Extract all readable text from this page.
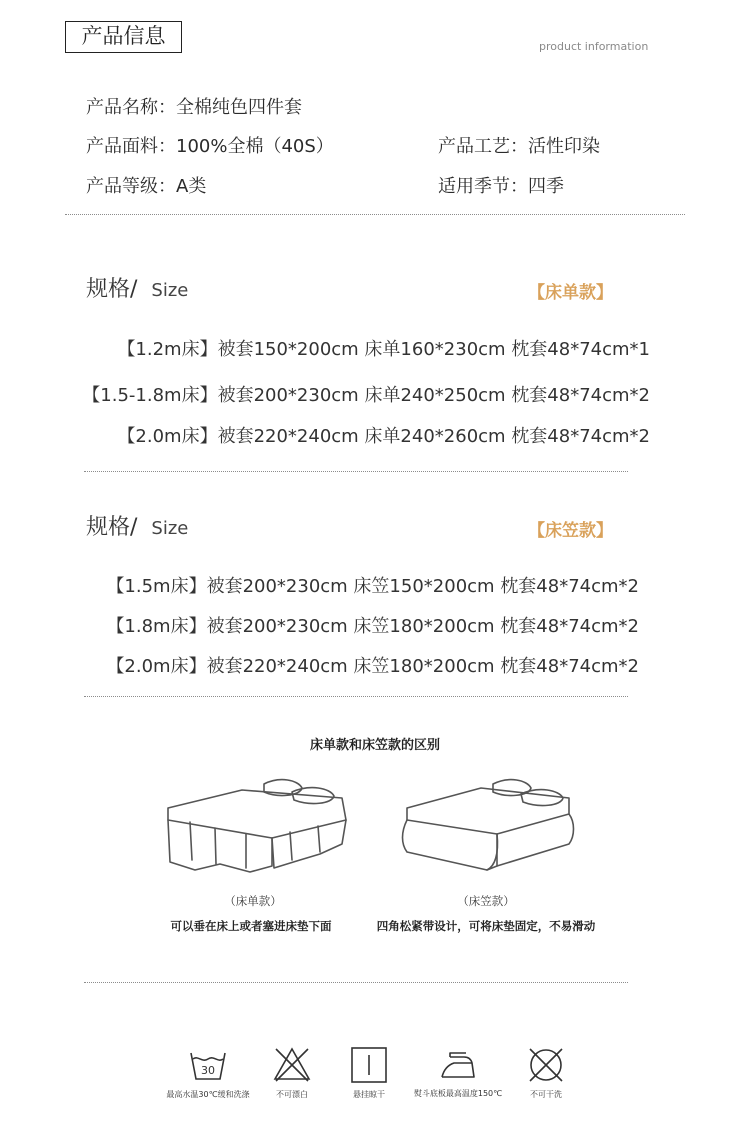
产品信息	product information
产品名称：全棉纯色四件套
产品面料：100%全棉（40S）	产品工艺：活性印染
产品等级：A类	适用季节：四季
规格/ Size	【床单款】
【1.2m床】被套150*200cm 床单160*230cm 枕套48*74cm*1
【1.5-1.8m床】被套200*230cm 床单240*250cm 枕套48*74cm*2
【2.0m床】被套220*240cm 床单240*260cm 枕套48*74cm*2
规格/ Size	【床笠款】
【1.5m床】被套200*230cm 床笠150*200cm 枕套48*74cm*2
【1.8m床】被套200*230cm 床笠180*200cm 枕套48*74cm*2
【2.0m床】被套220*240cm 床笠180*200cm 枕套48*74cm*2
床单款和床笠款的区别
（床单款）
可以垂在床上或者塞进床垫下面
（床笠款）
四角松紧带设计，可将床垫固定，不易滑动
30
最高水温30℃缓和洗涤	不可漂白	悬挂晾干	熨斗底板最高温度150℃	不可干洗
